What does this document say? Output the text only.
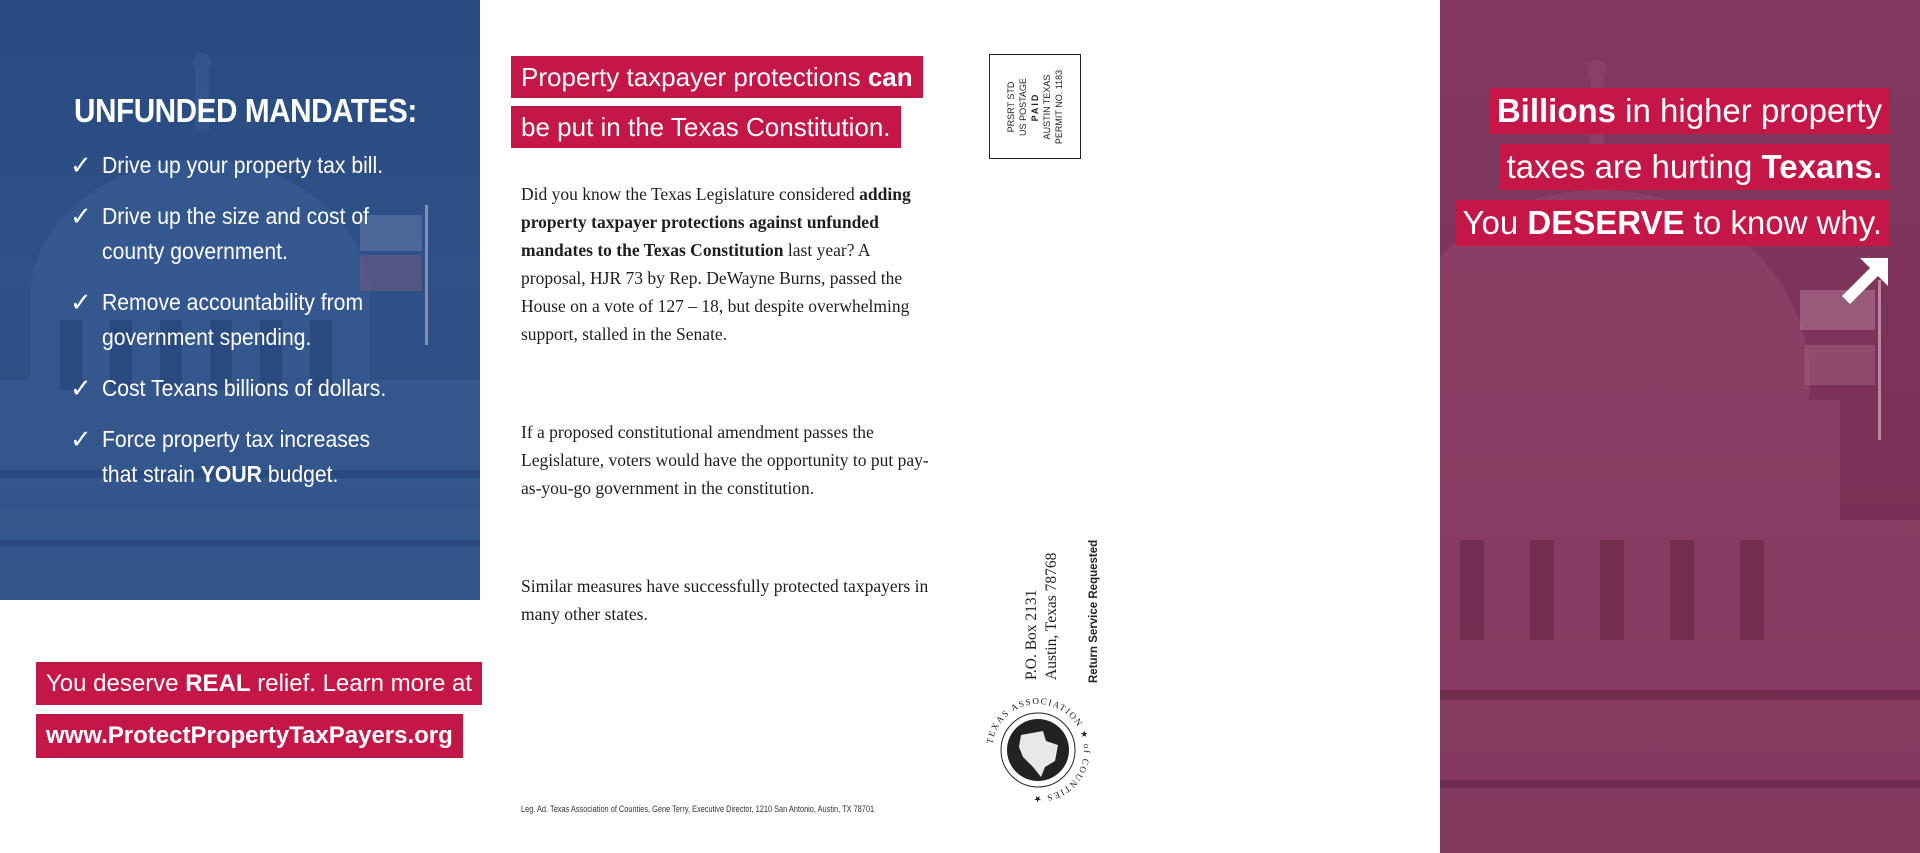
UNFUNDED MANDATES:
✓ Drive up your property tax bill.
✓ Drive up the size and cost of
county government.
✓ Remove accountability from
government spending.
✓ Cost Texans billions of dollars.
✓ Force property tax increases
that strain YOUR budget.
You deserve REAL relief. Learn more at
www.ProtectPropertyTaxPayers.org
Property taxpayer protections can
be put in the Texas Constitution.
Did you know the Texas Legislature considered adding property taxpayer protections against unfunded mandates to the Texas Constitution last year? A proposal, HJR 73 by Rep. DeWayne Burns, passed the House on a vote of 127 – 18, but despite overwhelming support, stalled in the Senate.
If a proposed constitutional amendment passes the Legislature, voters would have the opportunity to put pay-as-you-go government in the constitution.
Similar measures have successfully protected taxpayers in many other states.
Leg. Ad. Texas Association of Counties, Gene Terry, Executive Director, 1210 San Antonio, Austin, TX 78701
PRSRT STD US POSTAGE PAID AUSTIN TEXAS PERMIT NO. 1183
P.O. Box 2131 Austin, Texas 78768 Return Service Requested
TEXAS ASSOCIATION ★ of COUNTIES ★
Billions in higher property
taxes are hurting Texans.
You DESERVE to know why.
